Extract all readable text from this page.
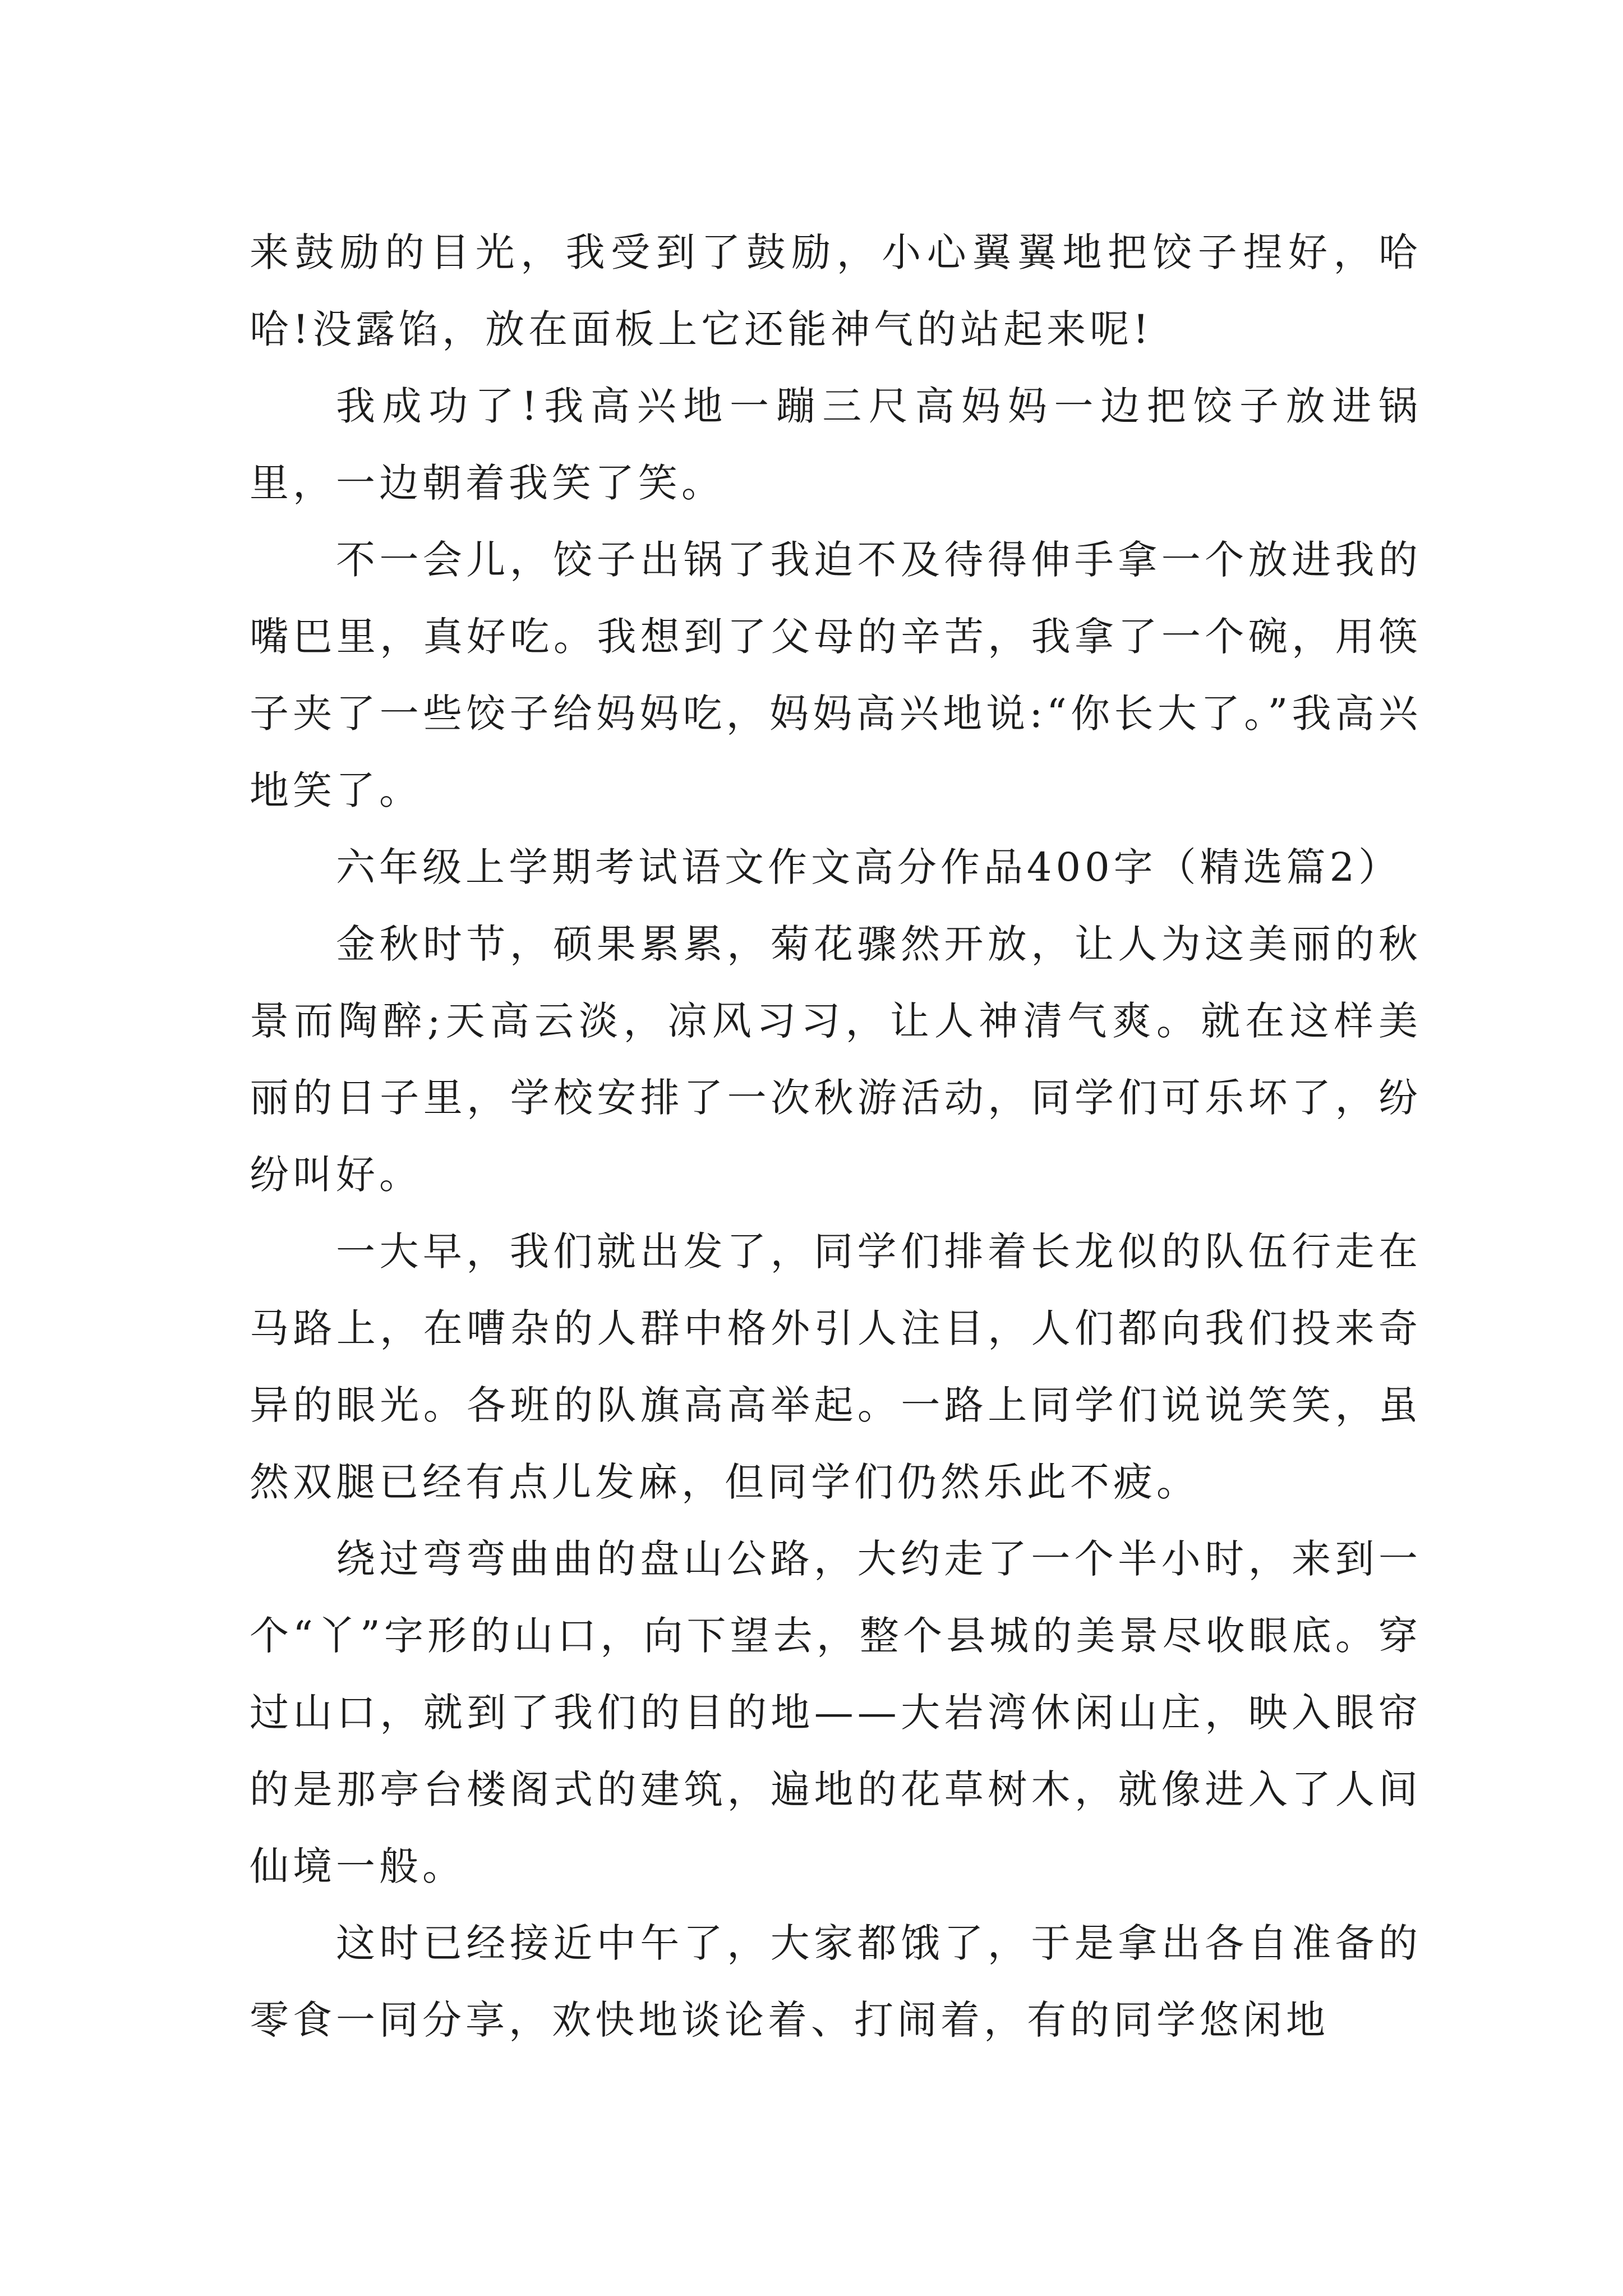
来鼓励的目光，我受到了鼓励，小心翼翼地把饺子捏好，哈哈!没露馅，放在面板上它还能神气的站起来呢!

我成功了!我高兴地一蹦三尺高妈妈一边把饺子放进锅里，一边朝着我笑了笑。

不一会儿，饺子出锅了我迫不及待得伸手拿一个放进我的嘴巴里，真好吃。我想到了父母的辛苦，我拿了一个碗，用筷子夹了一些饺子给妈妈吃，妈妈高兴地说:“你长大了。”我高兴地笑了。

六年级上学期考试语文作文高分作品400字（精选篇2）

金秋时节，硕果累累，菊花骤然开放，让人为这美丽的秋景而陶醉;天高云淡，凉风习习，让人神清气爽。就在这样美丽的日子里，学校安排了一次秋游活动，同学们可乐坏了，纷纷叫好。

一大早，我们就出发了，同学们排着长龙似的队伍行走在马路上，在嘈杂的人群中格外引人注目，人们都向我们投来奇异的眼光。各班的队旗高高举起。一路上同学们说说笑笑，虽然双腿已经有点儿发麻，但同学们仍然乐此不疲。

绕过弯弯曲曲的盘山公路，大约走了一个半小时，来到一个“丫”字形的山口，向下望去，整个县城的美景尽收眼底。穿过山口，就到了我们的目的地——大岩湾休闲山庄，映入眼帘的是那亭台楼阁式的建筑，遍地的花草树木，就像进入了人间仙境一般。

这时已经接近中午了，大家都饿了，于是拿出各自准备的零食一同分享，欢快地谈论着、打闹着，有的同学悠闲地
